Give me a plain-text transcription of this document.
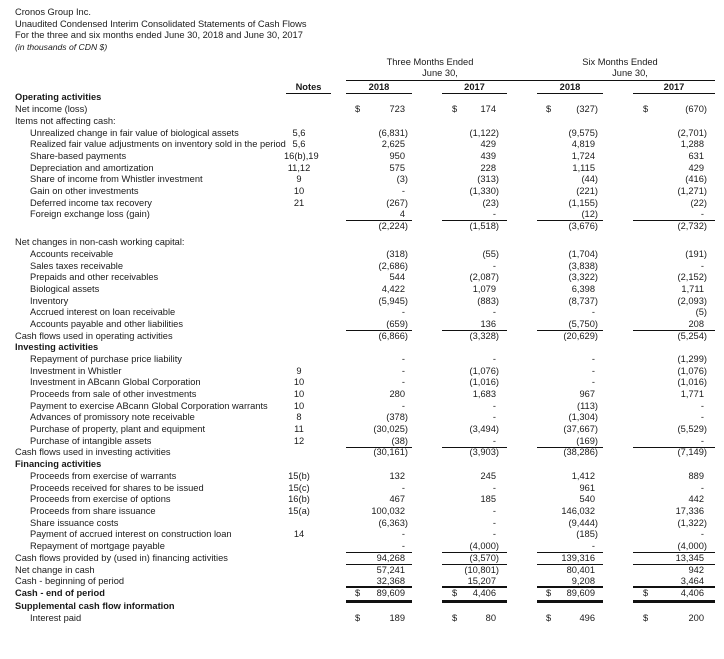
Cronos Group Inc.
Unaudited Condensed Interim Consolidated Statements of Cash Flows
For the three and six months ended June 30, 2018 and June 30, 2017
(in thousands of CDN $)
Three Months Ended
June 30,
Six Months Ended
June 30,
Notes	2018	2017	2018	2017
Operating activities
Net income (loss)	$	723	$	174	$	(327)	$	(670)
Items not affecting cash:
Unrealized change in fair value of biological assets	5,6	(6,831)	(1,122)	(9,575)	(2,701)
Realized fair value adjustments on inventory sold in the period 5,6	2,625	429	4,819	1,288
Share-based payments	16(b),19	950	439	1,724	631
Depreciation and amortization	11,12	575	228	1,115	429
Share of income from Whistler investment	9	(3)	(313)	(44)	(416)
Gain on other investments	10	-	(1,330)	(221)	(1,271)
Deferred income tax recovery	21	(267)	(23)	(1,155)	(22)
Foreign exchange loss (gain)	4	-	(12)	-
(2,224)	(1,518)	(3,676)	(2,732)
Net changes in non-cash working capital:
Accounts receivable	(318)	(55)	(1,704)	(191)
Sales taxes receivable	(2,686)	-	(3,838)	-
Prepaids and other receivables	544	(2,087)	(3,322)	(2,152)
Biological assets	4,422	1,079	6,398	1,711
Inventory	(5,945)	(883)	(8,737)	(2,093)
Accrued interest on loan receivable	-	-	-	(5)
Accounts payable and other liabilities	(659)	136	(5,750)	208
Cash flows used in operating activities	(6,866)	(3,328)	(20,629)	(5,254)
Investing activities
Repayment of purchase price liability	-	-	-	(1,299)
Investment in Whistler	9	-	(1,076)	-	(1,076)
Investment in ABcann Global Corporation	10	-	(1,016)	-	(1,016)
Proceeds from sale of other investments	10	280	1,683	967	1,771
Payment to exercise ABcann Global Corporation warrants	10	-	-	(113)	-
Advances of promissory note receivable	8	(378)	-	(1,304)	-
Purchase of property, plant and equipment	11	(30,025)	(3,494)	(37,667)	(5,529)
Purchase of intangible assets	12	(38)	-	(169)	-
Cash flows used in investing activities	(30,161)	(3,903)	(38,286)	(7,149)
Financing activities
Proceeds from exercise of warrants	15(b)	132	245	1,412	889
Proceeds received for shares to be issued	15(c)	-	-	961	-
Proceeds from exercise of options	16(b)	467	185	540	442
Proceeds from share issuance	15(a)	100,032	-	146,032	17,336
Share issuance costs	(6,363)	-	(9,444)	(1,322)
Payment of accrued interest on construction loan	14	-	-	(185)	-
Repayment of mortgage payable	-	(4,000)	-	(4,000)
Cash flows provided by (used in) financing activities	94,268	(3,570)	139,316	13,345
Net change in cash	57,241	(10,801)	80,401	942
Cash - beginning of period	32,368	15,207	9,208	3,464
Cash - end of period	$	89,609	$	4,406	$	89,609	$	4,406
Supplemental cash flow information
Interest paid	$	189	$	80	$	496	$	200
